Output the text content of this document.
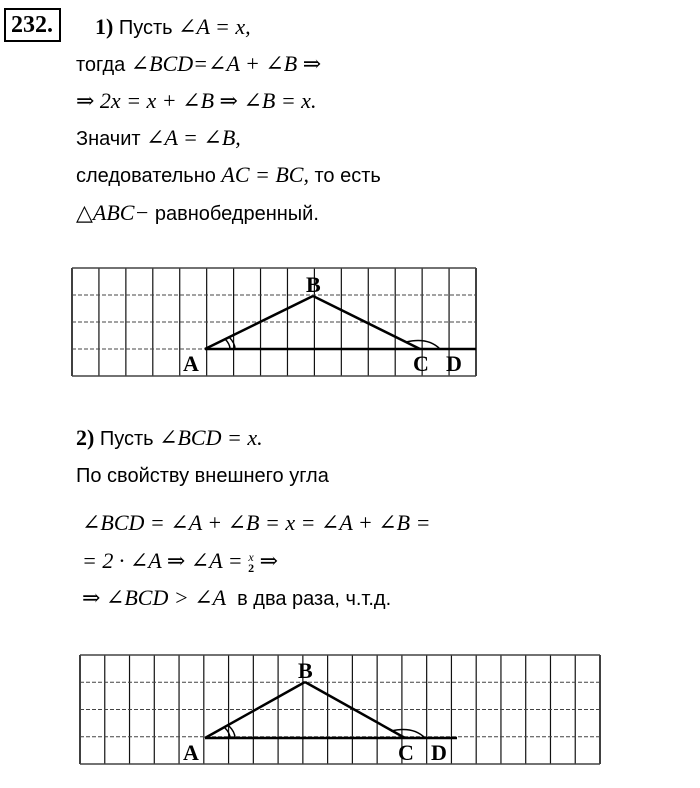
232.	1) Пусть ∠A = x,
тогда ∠BCD=∠A + ∠B ⇒
⇒ 2x = x + ∠B ⇒ ∠B = x.
Значит ∠A = ∠B,
следовательно AC = BC, то есть
△ABC− равнобедренный.
A
B
C D
2) Пусть ∠BCD = x.
По свойству внешнего угла
∠BCD = ∠A + ∠B = x = ∠A + ∠B =
= 2 · ∠A ⇒ ∠A = x
2 ⇒
⇒ ∠BCD > ∠A в два раза, ч.т.д.
A
B
C D
